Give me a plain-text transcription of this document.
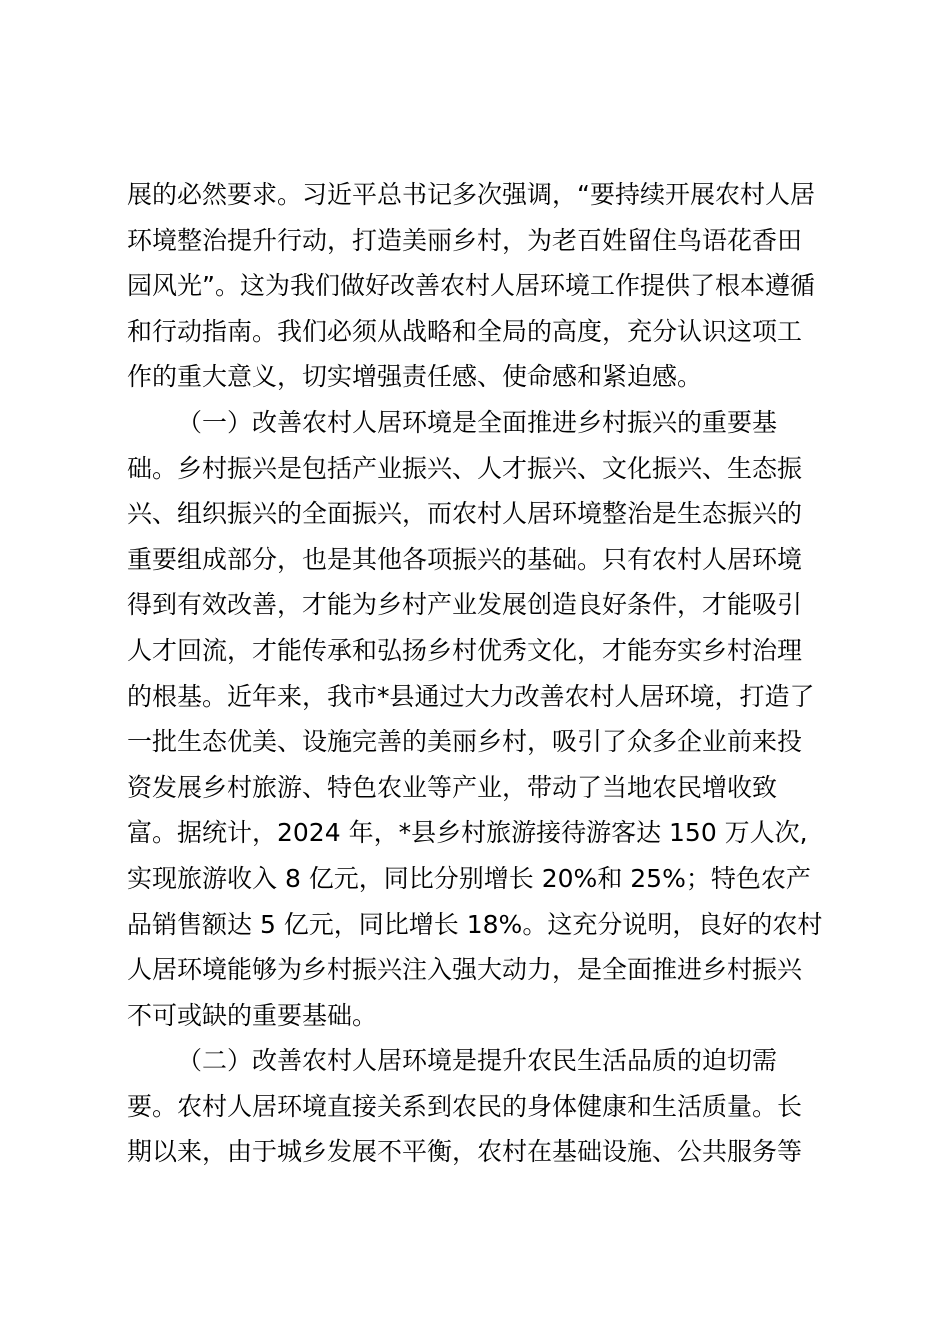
展的必然要求。习近平总书记多次强调，“要持续开展农村人居
环境整治提升行动，打造美丽乡村，为老百姓留住鸟语花香田
园风光”。这为我们做好改善农村人居环境工作提供了根本遵循
和行动指南。我们必须从战略和全局的高度，充分认识这项工
作的重大意义，切实增强责任感、使命感和紧迫感。
（一）改善农村人居环境是全面推进乡村振兴的重要基
础。乡村振兴是包括产业振兴、人才振兴、文化振兴、生态振
兴、组织振兴的全面振兴，而农村人居环境整治是生态振兴的
重要组成部分，也是其他各项振兴的基础。只有农村人居环境
得到有效改善，才能为乡村产业发展创造良好条件，才能吸引
人才回流，才能传承和弘扬乡村优秀文化，才能夯实乡村治理
的根基。近年来，我市*县通过大力改善农村人居环境，打造了
一批生态优美、设施完善的美丽乡村，吸引了众多企业前来投
资发展乡村旅游、特色农业等产业，带动了当地农民增收致
富。据统计，2024 年，*县乡村旅游接待游客达 150 万人次,
实现旅游收入 8 亿元，同比分别增长 20%和 25%；特色农产
品销售额达 5 亿元，同比增长 18%。这充分说明，良好的农村
人居环境能够为乡村振兴注入强大动力，是全面推进乡村振兴
不可或缺的重要基础。
（二）改善农村人居环境是提升农民生活品质的迫切需
要。农村人居环境直接关系到农民的身体健康和生活质量。长
期以来，由于城乡发展不平衡，农村在基础设施、公共服务等
